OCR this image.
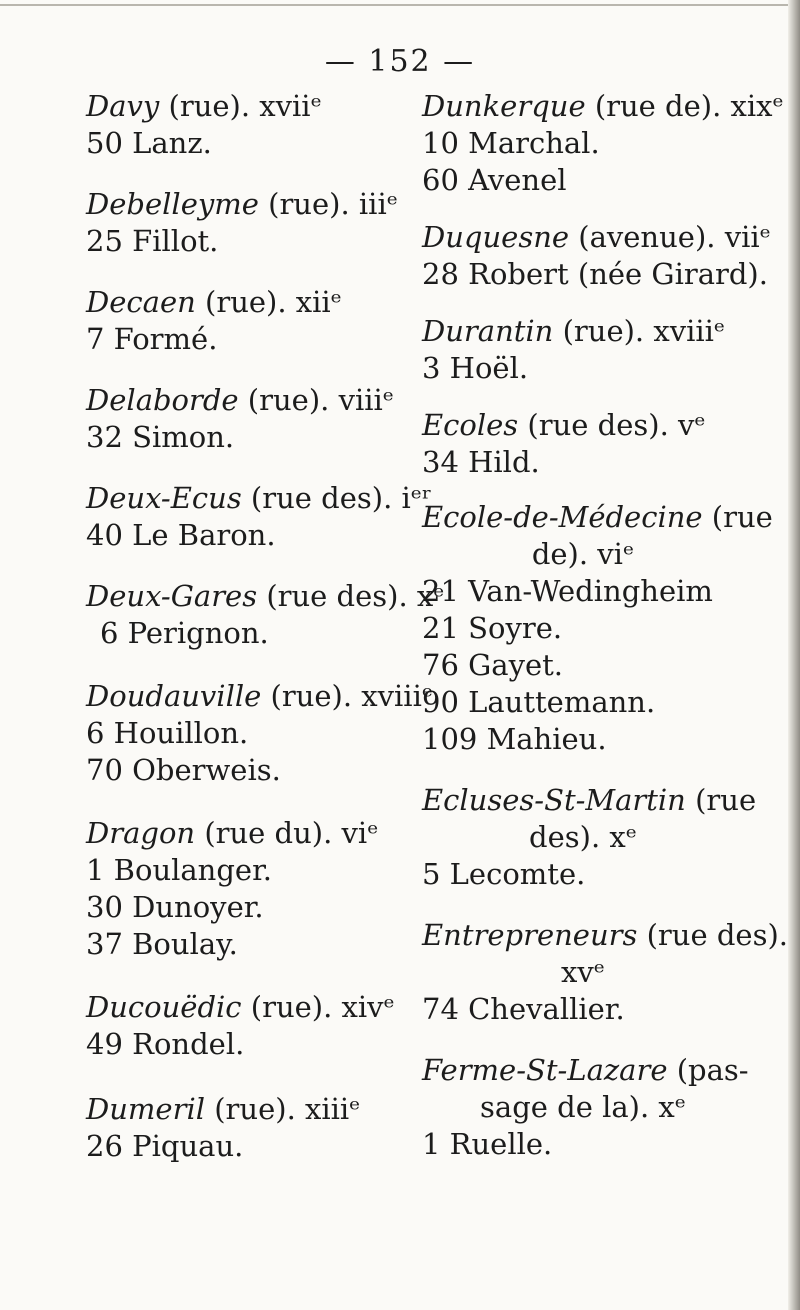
— 152 —
Davy (rue). xviiᵉ
50 Lanz.
Debelleyme (rue). iiiᵉ
25 Fillot.
Decaen (rue). xiiᵉ
7 Formé.
Delaborde (rue). viiiᵉ
32 Simon.
Deux-Ecus (rue des). iᵉʳ
40 Le Baron.
Deux-Gares (rue des). xᵉ
6 Perignon.
Doudauville (rue). xviiiᵉ
6 Houillon.
70 Oberweis.
Dragon (rue du). viᵉ
1 Boulanger.
30 Dunoyer.
37 Boulay.
Ducouëdic (rue). xivᵉ
49 Rondel.
Dumeril (rue). xiiiᵉ
26 Piquau.
Dunkerque (rue de). xixᵉ
10 Marchal.
60 Avenel
Duquesne (avenue). viiᵉ
28 Robert (née Girard).
Durantin (rue). xviiiᵉ
3 Hoël.
Ecoles (rue des). vᵉ
34 Hild.
Ecole-de-Médecine (rue
de). viᵉ
21 Van-Wedingheim
21 Soyre.
76 Gayet.
90 Lauttemann.
109 Mahieu.
Ecluses-St-Martin (rue
des). xᵉ
5 Lecomte.
Entrepreneurs (rue des).
xvᵉ
74 Chevallier.
Ferme-St-Lazare (pas-
sage de la). xᵉ
1 Ruelle.
